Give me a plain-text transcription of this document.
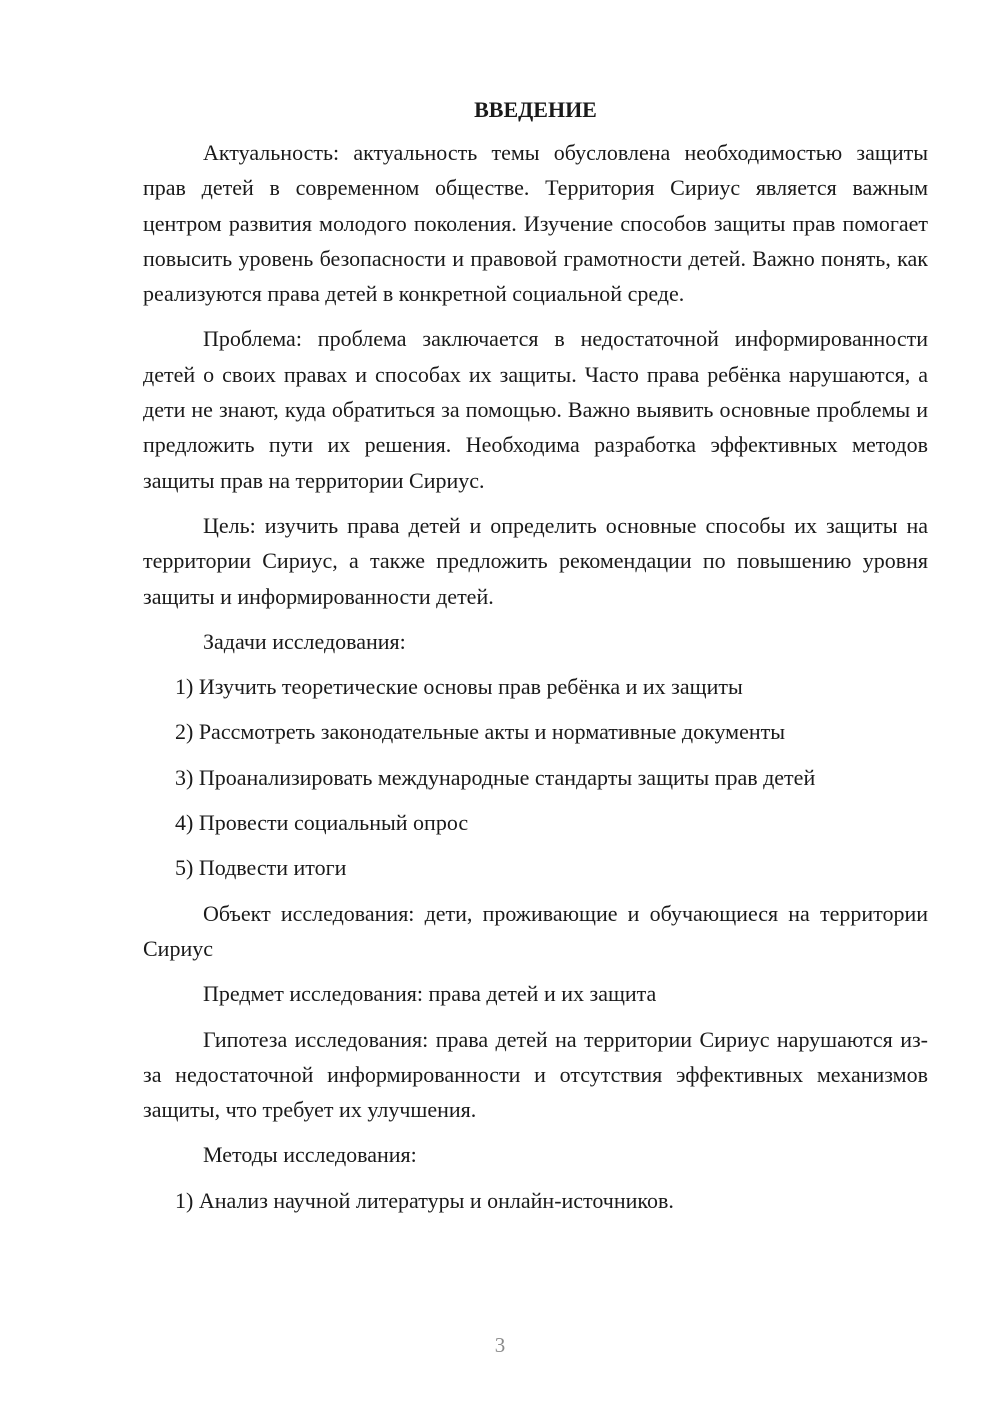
ВВЕДЕНИЕ

Актуальность: актуальность темы обусловлена необходимостью защиты прав детей в современном обществе. Территория Сириус является важным центром развития молодого поколения. Изучение способов защиты прав помогает повысить уровень безопасности и правовой грамотности детей. Важно понять, как реализуются права детей в конкретной социальной среде.

Проблема: проблема заключается в недостаточной информированности детей о своих правах и способах их защиты. Часто права ребёнка нарушаются, а дети не знают, куда обратиться за помощью. Важно выявить основные проблемы и предложить пути их решения. Необходима разработка эффективных методов защиты прав на территории Сириус.

Цель: изучить права детей и определить основные способы их защиты на территории Сириус, а также предложить рекомендации по повышению уровня защиты и информированности детей.

Задачи исследования:

1) Изучить теоретические основы прав ребёнка и их защиты

2) Рассмотреть законодательные акты и нормативные документы

3) Проанализировать международные стандарты защиты прав детей

4) Провести социальный опрос

5) Подвести итоги

Объект исследования: дети, проживающие и обучающиеся на территории Сириус

Предмет исследования: права детей и их защита

Гипотеза исследования: права детей на территории Сириус нарушаются из-за недостаточной информированности и отсутствия эффективных механизмов защиты, что требует их улучшения.

Методы исследования:

1) Анализ научной литературы и онлайн-источников.

3
